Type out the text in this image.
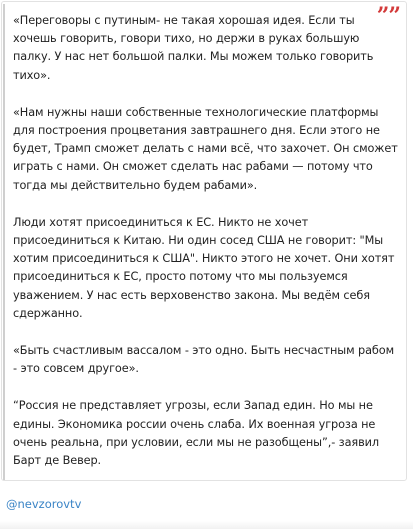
””

«Переговоры с путиным- не такая хорошая идея. Если ты хочешь говорить, говори тихо, но держи в руках большую палку. У нас нет большой палки. Мы можем только говорить тихо».

«Нам нужны наши собственные технологические платформы для построения процветания завтрашнего дня. Если этого не будет, Трамп сможет делать с нами всё, что захочет. Он сможет играть с нами. Он сможет сделать нас рабами — потому что тогда мы действительно будем рабами».

Люди хотят присоединиться к ЕС. Никто не хочет присоединиться к Китаю. Ни один сосед США не говорит: "Мы хотим присоединиться к США". Никто этого не хочет. Они хотят присоединиться к ЕС, просто потому что мы пользуемся уважением. У нас есть верховенство закона. Мы ведём себя сдержанно.

«Быть счастливым вассалом - это одно. Быть несчастным рабом - это совсем другое».

“Россия не представляет угрозы, если Запад един. Но мы не едины. Экономика россии очень слаба. Их военная угроза не очень реальна, при условии, если мы не разобщены”,- заявил Барт де Вевер.

@nevzorovtv
